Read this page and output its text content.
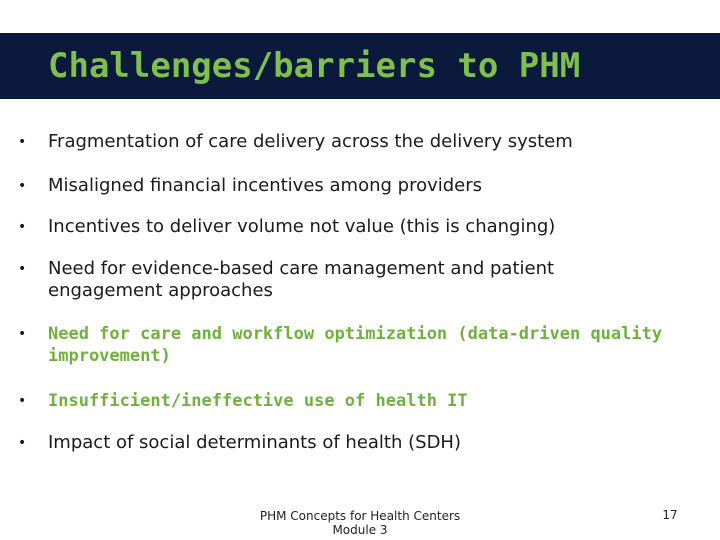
Challenges/barriers to PHM
•	Fragmentation of care delivery across the delivery system
•	Misaligned financial incentives among providers
•	Incentives to deliver volume not value (this is changing)
•	Need for evidence-based care management and patient engagement approaches
•	Need for care and workflow optimization (data-driven quality improvement)
•	Insufficient/ineffective use of health IT
•	Impact of social determinants of health (SDH)
PHM Concepts for Health Centers
Module 3
17
